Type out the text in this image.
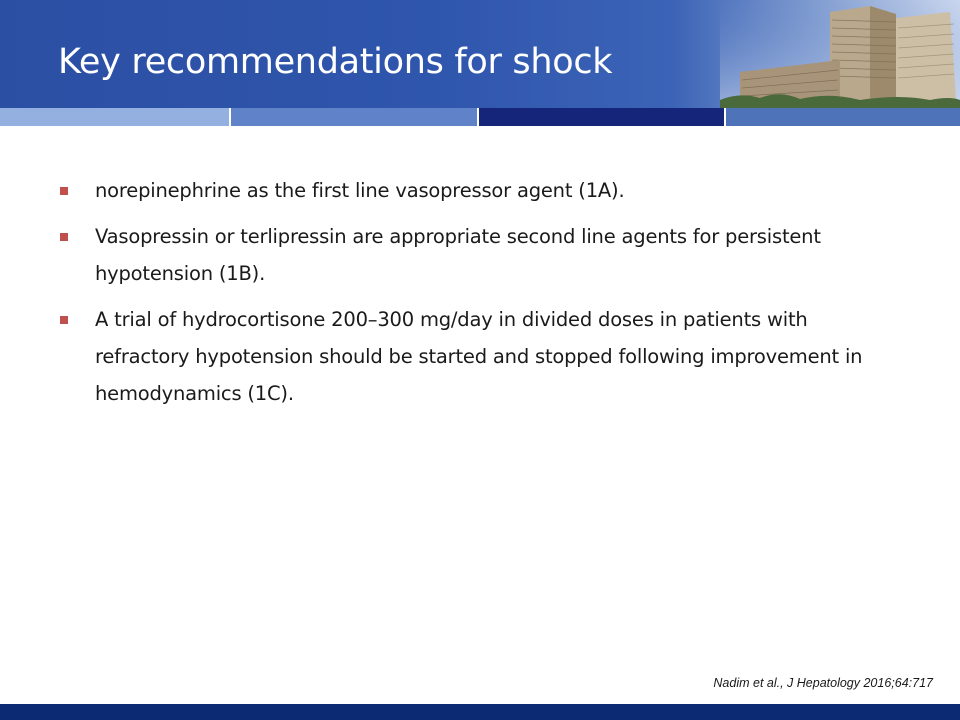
Key recommendations for shock
norepinephrine as the first line vasopressor agent (1A).
Vasopressin or terlipressin are appropriate second line agents for persistent hypotension (1B).
A trial of hydrocortisone 200–300 mg/day in divided doses in patients with refractory hypotension should be started and stopped following improvement in hemodynamics (1C).
Nadim et al., J Hepatology 2016;64:717
